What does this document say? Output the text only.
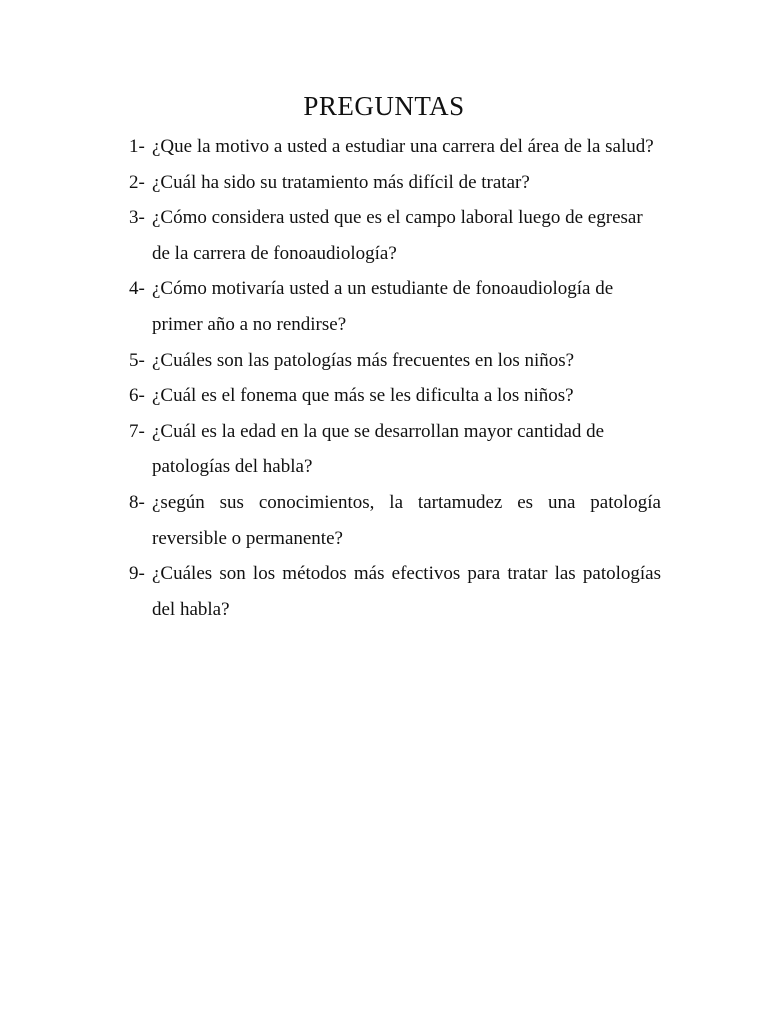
PREGUNTAS
1- ¿Que la motivo a usted a estudiar una carrera del área de la salud?
2- ¿Cuál ha sido su tratamiento más difícil de tratar?
3- ¿Cómo considera usted que es el campo laboral luego de egresar de la carrera de fonoaudiología?
4- ¿Cómo motivaría usted a un estudiante de fonoaudiología de primer año a no rendirse?
5- ¿Cuáles son las patologías más frecuentes en los niños?
6- ¿Cuál es el fonema que más se les dificulta a los niños?
7- ¿Cuál es la edad en la que se desarrollan mayor cantidad de patologías del habla?
8- ¿según sus conocimientos, la tartamudez es una patología reversible o permanente?
9- ¿Cuáles son los métodos más efectivos para tratar las patologías del habla?
